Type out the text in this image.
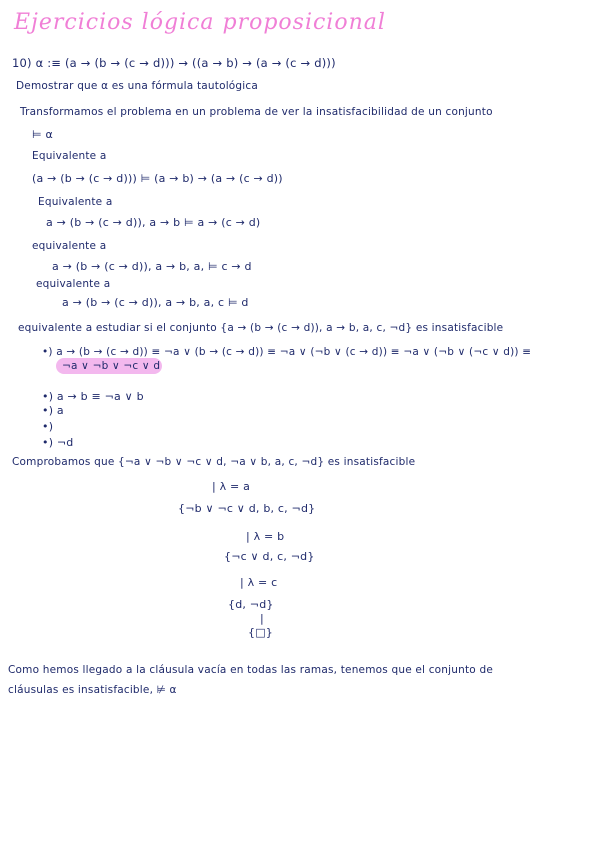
Ejercicios lógica proposicional
10) α :≡ (a → (b → (c → d))) → ((a → b) → (a → (c → d)))
Demostrar que α es una fórmula tautológica
Transformamos el problema en un problema de ver la insatisfacibilidad de un conjunto
⊨ α
Equivalente a
(a → (b → (c → d))) ⊨ (a → b) → (a → (c → d))
Equivalente a
a → (b → (c → d)), a → b ⊨ a → (c → d)
equivalente a
a → (b → (c → d)), a → b, a, ⊨ c → d
equivalente a
a → (b → (c → d)), a → b, a, c ⊨ d
equivalente a estudiar si el conjunto {a → (b → (c → d)), a → b, a, c, ¬d} es insatisfacible
•) a → (b → (c → d)) ≡ ¬a ∨ (b → (c → d)) ≡ ¬a ∨ (¬b ∨ (c → d)) ≡ ¬a ∨ (¬b ∨ (¬c ∨ d)) ≡
¬a ∨ ¬b ∨ ¬c ∨ d
•) a → b ≡ ¬a ∨ b
•) a
•)
•) ¬d
Comprobamos que {¬a ∨ ¬b ∨ ¬c ∨ d, ¬a ∨ b, a, c, ¬d} es insatisfacible
| λ = a
{¬b ∨ ¬c ∨ d, b, c, ¬d}
| λ = b
{¬c ∨ d, c, ¬d}
| λ = c
{d, ¬d}
|
{□}
Como hemos llegado a la cláusula vacía en todas las ramas, tenemos que el conjunto de
cláusulas es insatisfacible, ⊭ α
